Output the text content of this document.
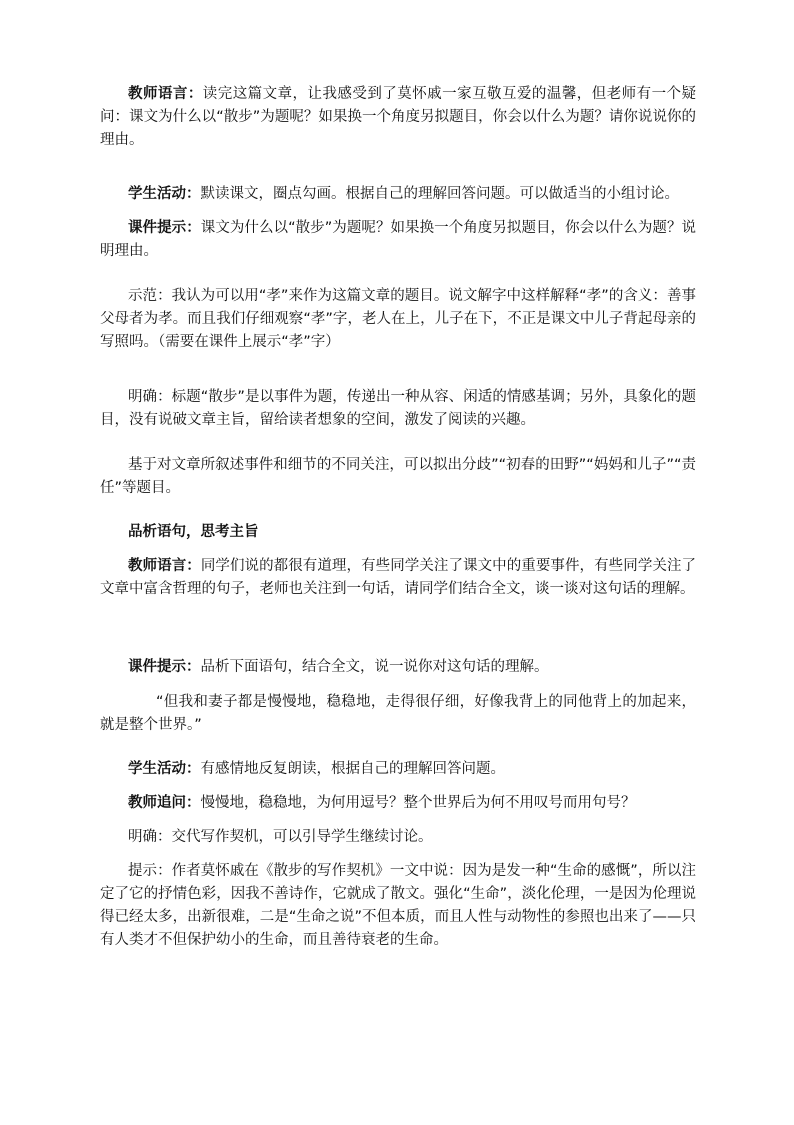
教师语言：读完这篇文章，让我感受到了莫怀戚一家互敬互爱的温馨，但老师有一个疑问：课文为什么以“散步”为题呢？如果换一个角度另拟题目，你会以什么为题？请你说说你的理由。

学生活动：默读课文，圈点勾画。根据自己的理解回答问题。可以做适当的小组讨论。

课件提示：课文为什么以“散步”为题呢？如果换一个角度另拟题目，你会以什么为题？说明理由。

示范：我认为可以用“孝”来作为这篇文章的题目。说文解字中这样解释“孝”的含义：善事父母者为孝。而且我们仔细观察“孝”字，老人在上，儿子在下，不正是课文中儿子背起母亲的写照吗。（需要在课件上展示“孝”字）

明确：标题“散步”是以事件为题，传递出一种从容、闲适的情感基调；另外，具象化的题目，没有说破文章主旨，留给读者想象的空间，激发了阅读的兴趣。

基于对文章所叙述事件和细节的不同关注，可以拟出分歧”“初春的田野”“妈妈和儿子”“责任”等题目。

品析语句，思考主旨

教师语言：同学们说的都很有道理，有些同学关注了课文中的重要事件，有些同学关注了文章中富含哲理的句子，老师也关注到一句话，请同学们结合全文，谈一谈对这句话的理解。

课件提示：品析下面语句，结合全文，说一说你对这句话的理解。

“但我和妻子都是慢慢地，稳稳地，走得很仔细，好像我背上的同他背上的加起来，就是整个世界。”

学生活动：有感情地反复朗读，根据自己的理解回答问题。

教师追问：慢慢地，稳稳地，为何用逗号？整个世界后为何不用叹号而用句号？

明确：交代写作契机，可以引导学生继续讨论。

提示：作者莫怀戚在《散步的写作契机》一文中说：因为是发一种“生命的感慨”，所以注定了它的抒情色彩，因我不善诗作，它就成了散文。强化“生命”，淡化伦理，一是因为伦理说得已经太多，出新很难，二是“生命之说”不但本质，而且人性与动物性的参照也出来了——只有人类才不但保护幼小的生命，而且善待衰老的生命。
